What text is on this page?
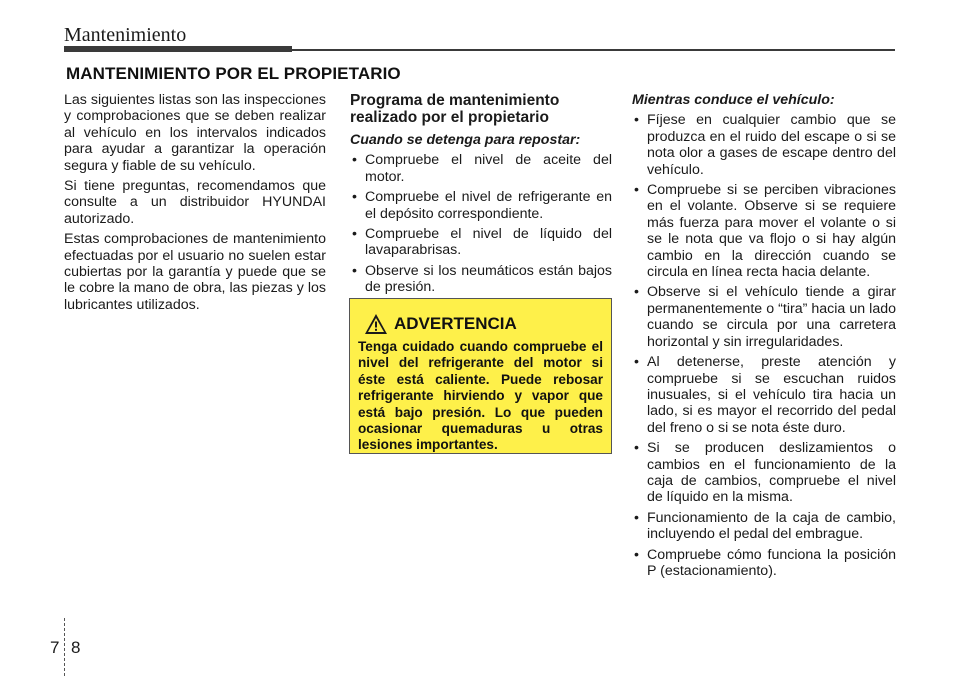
Mantenimiento
MANTENIMIENTO POR EL PROPIETARIO

Las siguientes listas son las inspecciones y comprobaciones que se deben realizar al vehículo en los intervalos indicados para ayudar a garantizar la operación segura y fiable de su vehículo.

Si tiene preguntas, recomendamos que consulte a un distribuidor HYUNDAI autorizado.

Estas comprobaciones de mantenimiento efectuadas por el usuario no suelen estar cubiertas por la garantía y puede que se le cobre la mano de obra, las piezas y los lubricantes utilizados.

Programa de mantenimiento realizado por el propietario
Cuando se detenga para repostar:
• Compruebe el nivel de aceite del motor.
• Compruebe el nivel de refrigerante en el depósito correspondiente.
• Compruebe el nivel de líquido del lavaparabrisas.
• Observe si los neumáticos están bajos de presión.
ADVERTENCIA

Tenga cuidado cuando compruebe el nivel del refrigerante del motor si éste está caliente. Puede rebosar refrigerante hirviendo y vapor que está bajo presión. Lo que pueden ocasionar quemaduras u otras lesiones importantes.

Mientras conduce el vehículo:
• Fíjese en cualquier cambio que se produzca en el ruido del escape o si se nota olor a gases de escape dentro del vehículo.
• Compruebe si se perciben vibraciones en el volante. Observe si se requiere más fuerza para mover el volante o si se le nota que va flojo o si hay algún cambio en la dirección cuando se circula en línea recta hacia delante.
• Observe si el vehículo tiende a girar permanentemente o “tira” hacia un lado cuando se circula por una carretera horizontal y sin irregularidades.
• Al detenerse, preste atención y compruebe si se escuchan ruidos inusuales, si el vehículo tira hacia un lado, si es mayor el recorrido del pedal del freno o si se nota éste duro.
• Si se producen deslizamientos o cambios en el funcionamiento de la caja de cambios, compruebe el nivel de líquido en la misma.
• Funcionamiento de la caja de cambio, incluyendo el pedal del embrague.
• Compruebe cómo funciona la posición P (estacionamiento).
7 8
